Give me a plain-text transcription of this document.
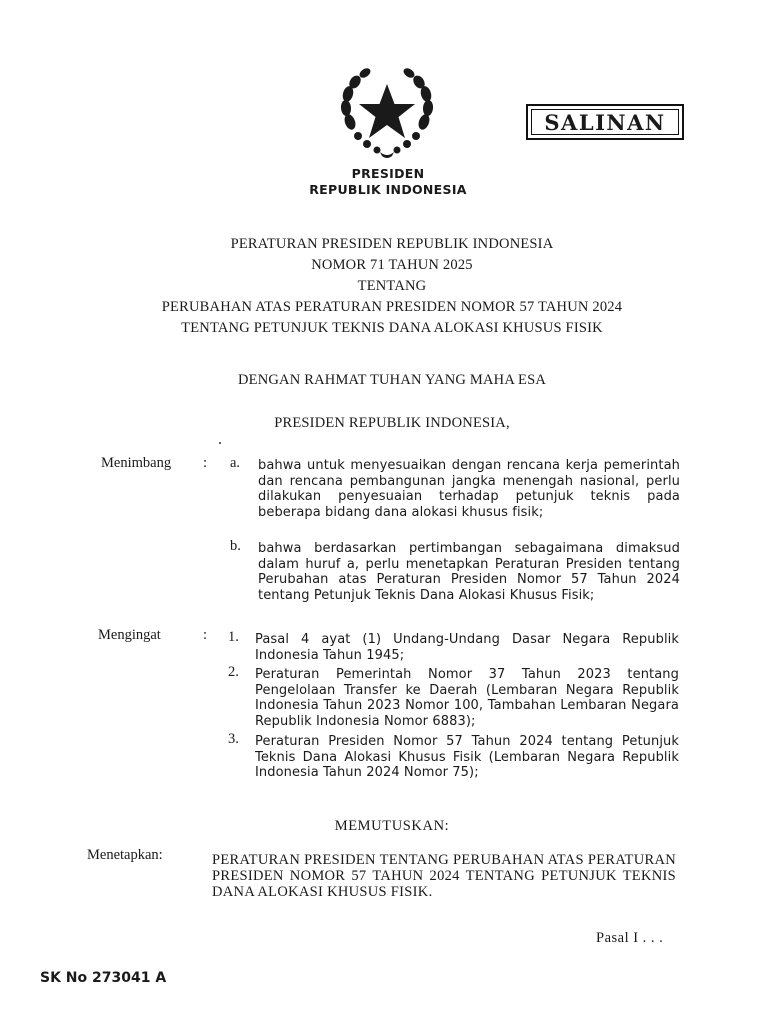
PRESIDEN
REPUBLIK INDONESIA
SALINAN
PERATURAN PRESIDEN REPUBLIK INDONESIA
NOMOR 71 TAHUN 2025
TENTANG
PERUBAHAN ATAS PERATURAN PRESIDEN NOMOR 57 TAHUN 2024
TENTANG PETUNJUK TEKNIS DANA ALOKASI KHUSUS FISIK
DENGAN RAHMAT TUHAN YANG MAHA ESA
PRESIDEN REPUBLIK INDONESIA,
Menimbang : a. bahwa untuk menyesuaikan dengan rencana kerja pemerintah dan rencana pembangunan jangka menengah nasional, perlu dilakukan penyesuaian terhadap petunjuk teknis pada beberapa bidang dana alokasi khusus fisik;
b. bahwa berdasarkan pertimbangan sebagaimana dimaksud dalam huruf a, perlu menetapkan Peraturan Presiden tentang Perubahan atas Peraturan Presiden Nomor 57 Tahun 2024 tentang Petunjuk Teknis Dana Alokasi Khusus Fisik;
Mengingat	: 1. Pasal 4 ayat (1) Undang-Undang Dasar Negara Republik Indonesia Tahun 1945;
2. Peraturan Pemerintah Nomor 37 Tahun 2023 tentang Pengelolaan Transfer ke Daerah (Lembaran Negara Republik Indonesia Tahun 2023 Nomor 100, Tambahan Lembaran Negara Republik Indonesia Nomor 6883);
3. Peraturan Presiden Nomor 57 Tahun 2024 tentang Petunjuk Teknis Dana Alokasi Khusus Fisik (Lembaran Negara Republik Indonesia Tahun 2024 Nomor 75);
MEMUTUSKAN:
Menetapkan:	PERATURAN PRESIDEN TENTANG PERUBAHAN ATAS PERATURAN PRESIDEN NOMOR 57 TAHUN 2024 TENTANG PETUNJUK TEKNIS DANA ALOKASI KHUSUS FISIK.
Pasal I . . .
SK No 273041 A
